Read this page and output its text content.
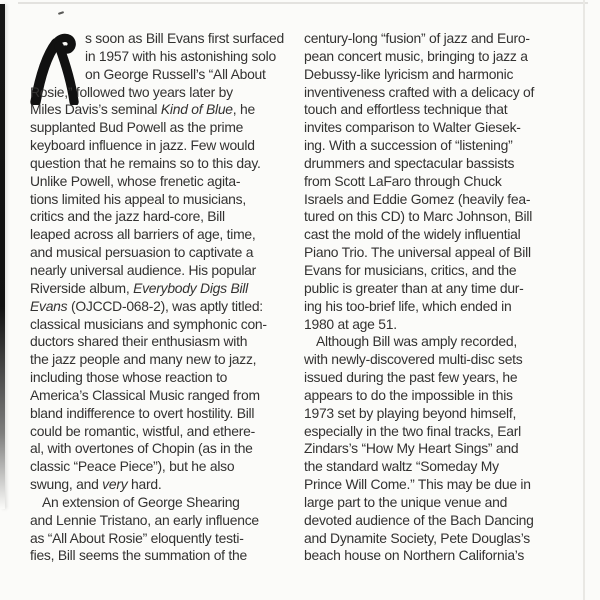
s soon as Bill Evans first surfaced
in 1957 with his astonishing solo
on George Russell’s “All About
Rosie,” followed two years later by
Miles Davis’s seminal Kind of Blue, he
supplanted Bud Powell as the prime
keyboard influence in jazz. Few would
question that he remains so to this day.
Unlike Powell, whose frenetic agita-
tions limited his appeal to musicians,
critics and the jazz hard-core, Bill
leaped across all barriers of age, time,
and musical persuasion to captivate a
nearly universal audience. His popular
Riverside album, Everybody Digs Bill
Evans (OJCCD-068-2), was aptly titled:
classical musicians and symphonic con-
ductors shared their enthusiasm with
the jazz people and many new to jazz,
including those whose reaction to
America’s Classical Music ranged from
bland indifference to overt hostility. Bill
could be romantic, wistful, and ethere-
al, with overtones of Chopin (as in the
classic “Peace Piece”), but he also
swung, and very hard.
An extension of George Shearing
and Lennie Tristano, an early influence
as “All About Rosie” eloquently testi-
fies, Bill seems the summation of the
century-long “fusion” of jazz and Euro-
pean concert music, bringing to jazz a
Debussy-like lyricism and harmonic
inventiveness crafted with a delicacy of
touch and effortless technique that
invites comparison to Walter Giesek-
ing. With a succession of “listening”
drummers and spectacular bassists
from Scott LaFaro through Chuck
Israels and Eddie Gomez (heavily fea-
tured on this CD) to Marc Johnson, Bill
cast the mold of the widely influential
Piano Trio. The universal appeal of Bill
Evans for musicians, critics, and the
public is greater than at any time dur-
ing his too-brief life, which ended in
1980 at age 51.
Although Bill was amply recorded,
with newly-discovered multi-disc sets
issued during the past few years, he
appears to do the impossible in this
1973 set by playing beyond himself,
especially in the two final tracks, Earl
Zindars’s “How My Heart Sings” and
the standard waltz “Someday My
Prince Will Come.” This may be due in
large part to the unique venue and
devoted audience of the Bach Dancing
and Dynamite Society, Pete Douglas’s
beach house on Northern California’s
